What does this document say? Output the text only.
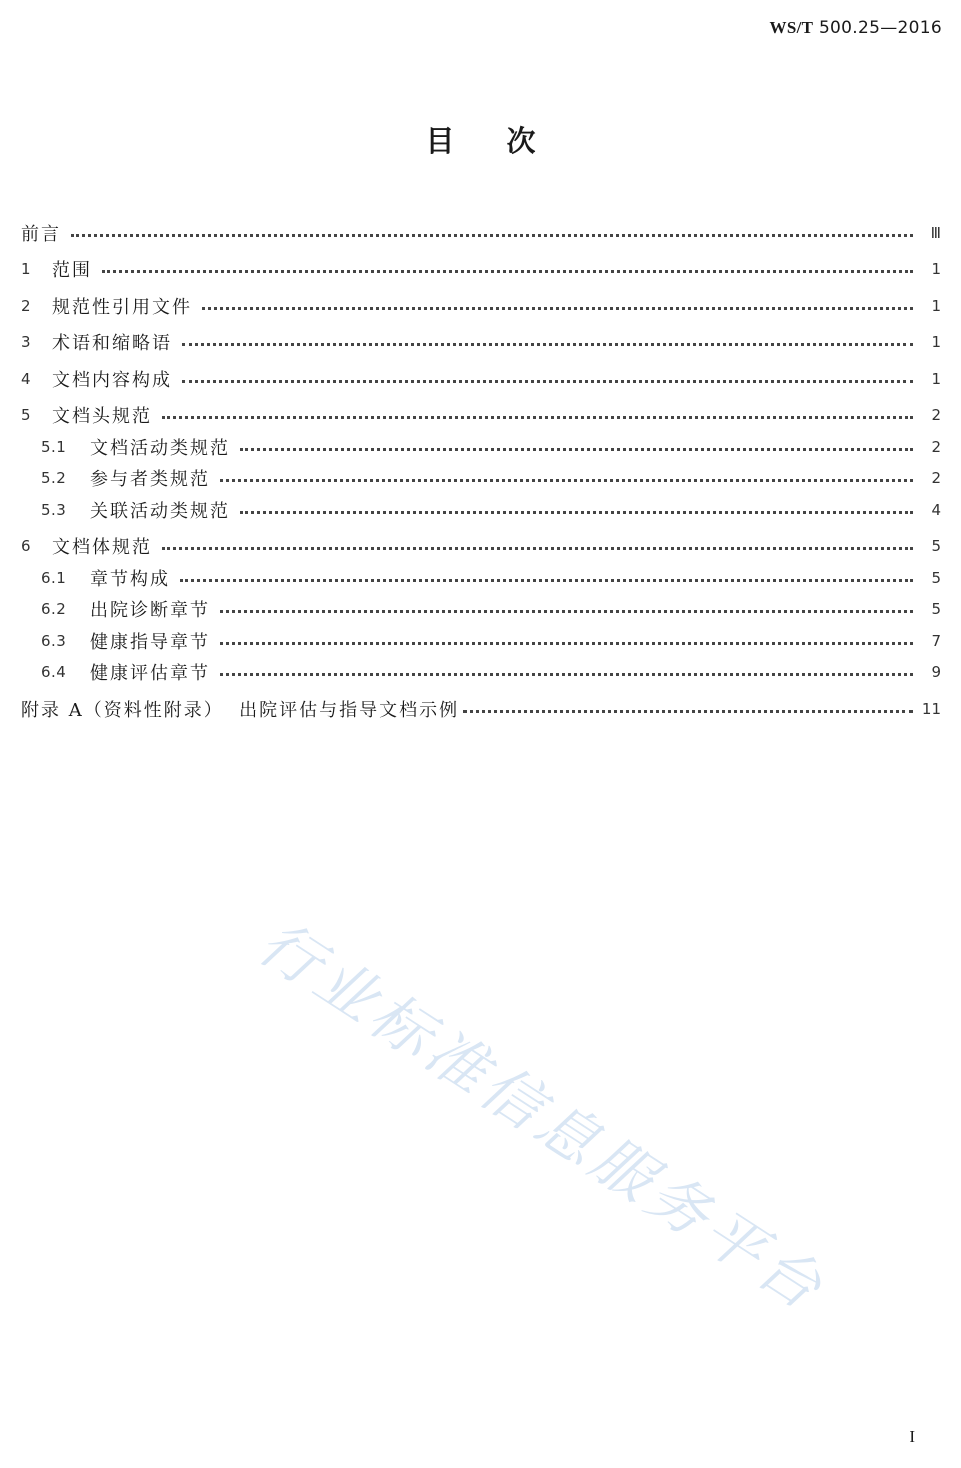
WS/T 500.25—2016
目次
前言	Ⅲ
1	范围	1
2	规范性引用文件	1
3	术语和缩略语	1
4	文档内容构成	1
5	文档头规范	2
5.1	文档活动类规范	2
5.2	参与者类规范	2
5.3	关联活动类规范	4
6	文档体规范	5
6.1	章节构成	5
6.2	出院诊断章节	5
6.3	健康指导章节	7
6.4	健康评估章节	9
附录 A（资料性附录）  出院评估与指导文档示例	11
行业标准信息服务平台
I
